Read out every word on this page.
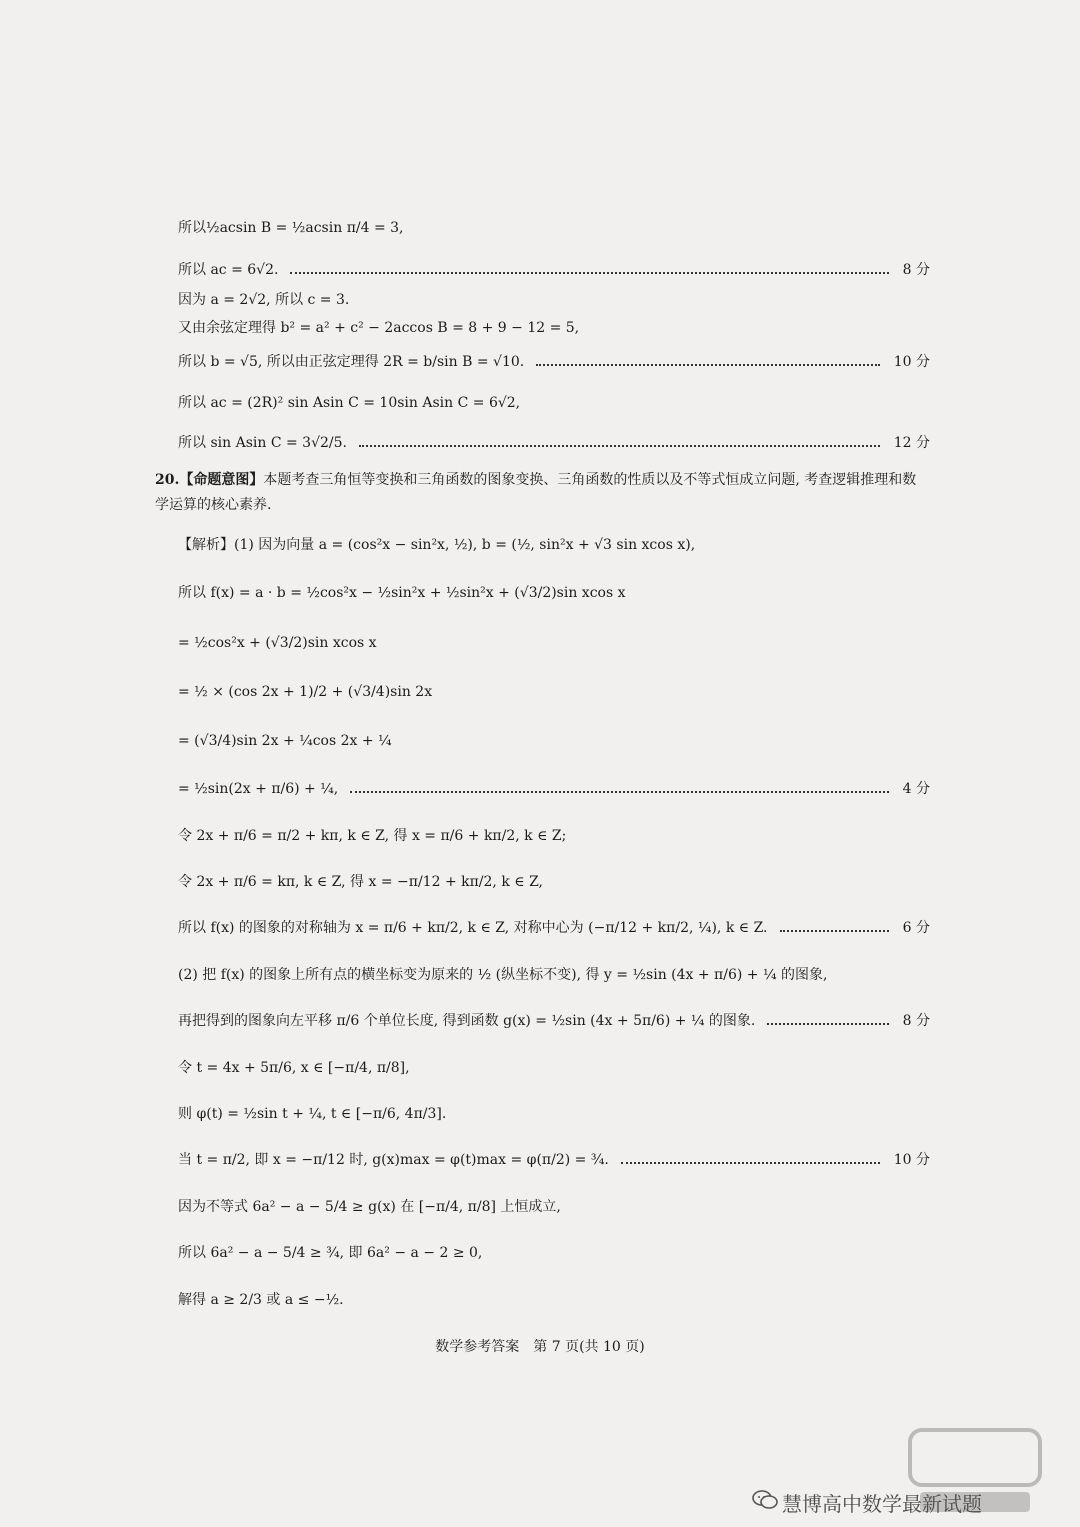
所以½acsin B = ½acsin π/4 = 3,
所以 ac = 6√2.	8 分
因为 a = 2√2, 所以 c = 3.
又由余弦定理得 b² = a² + c² − 2accos B = 8 + 9 − 12 = 5,
所以 b = √5, 所以由正弦定理得 2R = b/sin B = √10.	10 分
所以 ac = (2R)² sin Asin C = 10sin Asin C = 6√2,
所以 sin Asin C = 3√2/5.	12 分
20.【命题意图】本题考查三角恒等变换和三角函数的图象变换、三角函数的性质以及不等式恒成立问题, 考查逻辑推理和数学运算的核心素养.
【解析】(1) 因为向量 a = (cos²x − sin²x, ½), b = (½, sin²x + √3 sin xcos x),
所以 f(x) = a · b = ½cos²x − ½sin²x + ½sin²x + (√3/2)sin xcos x
= ½cos²x + (√3/2)sin xcos x
= ½ × (cos 2x + 1)/2 + (√3/4)sin 2x
= (√3/4)sin 2x + ¼cos 2x + ¼
= ½sin(2x + π/6) + ¼,	4 分
令 2x + π/6 = π/2 + kπ, k ∈ Z, 得 x = π/6 + kπ/2, k ∈ Z;
令 2x + π/6 = kπ, k ∈ Z, 得 x = −π/12 + kπ/2, k ∈ Z,
所以 f(x) 的图象的对称轴为 x = π/6 + kπ/2, k ∈ Z, 对称中心为 (−π/12 + kπ/2, ¼), k ∈ Z.	6 分
(2) 把 f(x) 的图象上所有点的横坐标变为原来的 ½ (纵坐标不变), 得 y = ½sin (4x + π/6) + ¼ 的图象,
再把得到的图象向左平移 π/6 个单位长度, 得到函数 g(x) = ½sin (4x + 5π/6) + ¼ 的图象.	8 分
令 t = 4x + 5π/6, x ∈ [−π/4, π/8],
则 φ(t) = ½sin t + ¼, t ∈ [−π/6, 4π/3].
当 t = π/2, 即 x = −π/12 时, g(x)max = φ(t)max = φ(π/2) = ¾.	10 分
因为不等式 6a² − a − 5/4 ≥ g(x) 在 [−π/4, π/8] 上恒成立,
所以 6a² − a − 5/4 ≥ ¾, 即 6a² − a − 2 ≥ 0,
解得 a ≥ 2/3 或 a ≤ −½.
数学参考答案　第 7 页(共 10 页)
慧博高中数学最新试题
